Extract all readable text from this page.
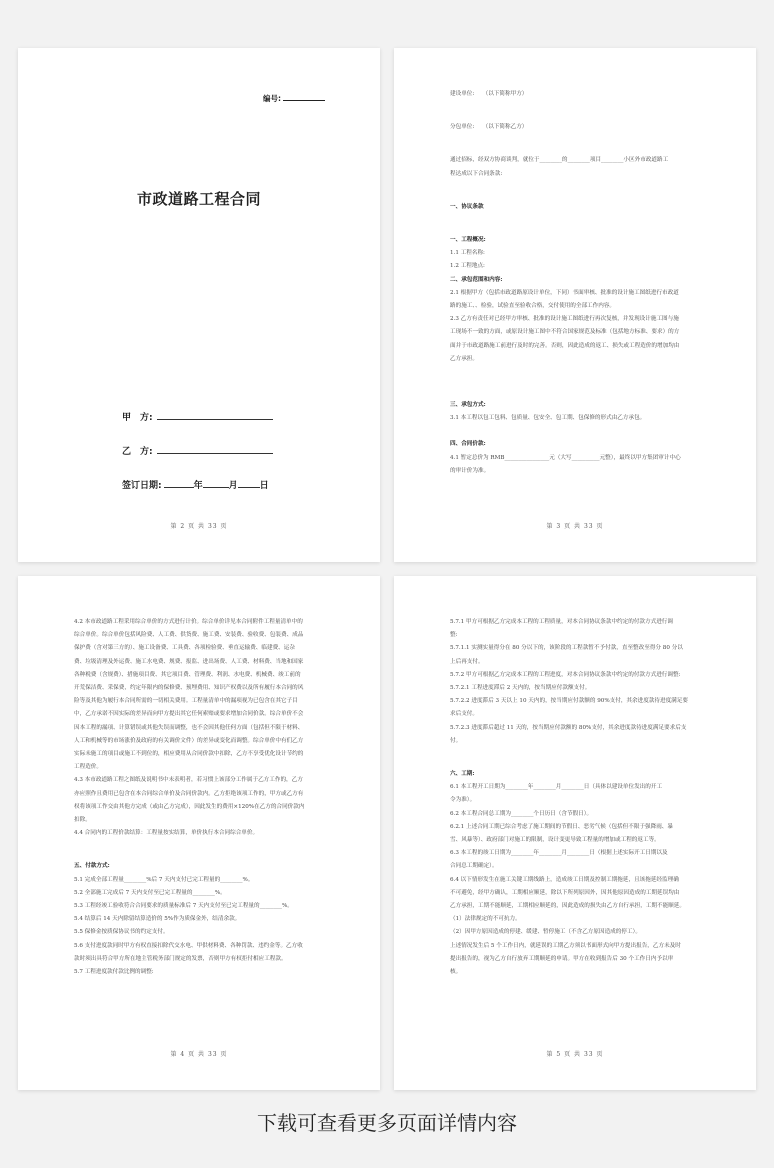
编号:
市政道路工程合同
甲　方:
乙　方:
签订日期:	年	月 日
第 2 页 共 33 页

建设单位:　　（以下简称甲方）

分包单位:　　（以下简称乙方）

通过招标，经双方协商谈判，就位于________的________项目________小区外市政道路工

程达成以下合同条款:

一、协议条款

一、工程概况:

1.1 工程名称:

1.2 工程地点:

二、承包范围和内容:

2.1 根据甲方（包括市政道路原设计单位，下同）书面审核、批准的设计施工图纸进行市政道

路的施工、、检验，试验直至验收合格，交付使用的全部工作内容。

2.3 乙方有责任对已经甲方审核、批准的设计施工图纸进行再次复核，并发现设计施工图与施

工现场不一致的方面，或原设计施工图中不符合国家规范及标准（包括地方标准、要求）的方

面并于市政道路施工前进行及时的完善。否则，因此造成的返工、损失或工程造价的增加均由

乙方承担。

三、承包方式:

3.1 本工程以包工包料、包质量、包安全、包工期、包保修的形式由乙方承包。

四、合同价款:

4.1 暂定总价为 RMB________________元（大写__________元整），最终以甲方集团审计中心

的审计价为准。

第 3 页 共 33 页

4.2 本市政道路工程采用综合单价的方式进行计价。综合单价详见本合同附件工程量清单中的

综合单价。综合单价包括风险费、人工费、供货费、施工费、安装费、验收费、包装费、成品

保护费（含对第三方的）、施工设备费、工具费、各项检验费、垂直运输费、临建费、运杂

费、垃圾清理及外运费、施工水电费、规费、报监、进出场费、人工费、材料费、当地和国家

各种税费（含规费）、措施项目费、其它项目费、管理费、利润、水电费、机械费、竣工前的

开荒保洁费、采保费，约定年限内的保修费、预埋费用、知识产权费以及所有履行本合同的风

险等及其他为履行本合同所需的一切相关费用。工程量清单中的漏项视为已包含在其它子目

中，乙方承诺不因实际的差异而向甲方提出其它任何索赔或要求增加合同价款。综合单价不会

因本工程的漏项、计算错误或其他失误而调整，也不会因其他任何方面（包括但不限于材料、

人工和机械等的市场涨价及政府的有关调价文件）的差异或变化而调整。综合单价中有们乙方

实际未施工的项目或施工不到位的，相应费用从合同价款中扣除，乙方不享受优化设计节约的

工程造价。

4.3 本市政道路工程之图纸及说明书中未表明者，若习惯上该部分工作属于乙方工作的，乙方

亦应照作且费用已包含在本合同综合单价及合同价款内。乙方拒绝该项工作的，甲方或乙方有

权将该项工作交由其他方完成（或由乙方完成），因此发生的费用×120%在乙方的合同价款内

扣除。

4.4 合同内的工程价款结算：工程量按实结算，单价执行本合同综合单价。

五、付款方式:

5.1 完成全部工程量________%后 7 天内支付已完工程量的________%。

5.2 全部施工完成后 7 天内支付至已完工程量的________%。

5.3 工程经竣工验收符合合同要求的质量标准后 7 天内支付至已完工程量的________%。

5.4 结算后 14 天内除留结算造价的 5%作为质保金外，结清余款。

5.5 保修金按质保协议书的约定支付。

5.6 支付进度款同时甲方有权直接扣除代交水电、甲供材料费、各种罚款、违约金等。乙方收

款时须出具符合甲方所在地主管税务部门规定的发票，否则甲方有权拒付相应工程款。

5.7 工程进度款付款比例的调整:

第 4 页 共 33 页

5.7.1 甲方可根据乙方完成本工程的工程质量，对本合同协议条款中约定的付款方式进行调

整:

5.7.1.1 实测实量得分在 80 分以下的，该阶段的工程款暂不予付款，直至整改至得分 80 分以

上后再支付。

5.7.2 甲方可根据乙方完成本工程的工程进度，对本合同协议条款中约定的付款方式进行调整:

5.7.2.1 工程进度滞后 2 天内的，按当期应付款额支付。

5.7.2.2 进度滞后 3 天以上 10 天内的，按当期应付款额的 90%支付，其余进度款待进度满足要

求后支付。

5.7.2.3 进度滞后超过 11 天的，按当期应付款额的 80%支付，其余进度款待进度满足要求后支

付。

六、工期:

6.1 本工程开工日期为________年________月________日（具体以建设单位发出的开工

令为准）。

6.2 本工程合同总工期为________个日历日（含节假日）。

6.2.1 上述合同工期已综合考虑了施工期间的节假日、恶劣气候（包括但不限于强降雨、暴

雪、风暴等）、政府部门对施工的限制，设计变更导致工程量的增加或工程的返工等。

6.3 本工程的竣工日期为________年________月________日（根据上述实际开工日期以及

合同总工期确定）。

6.4 以下情形发生在施工关键工期线路上，造成竣工日期及控制工期拖延，且该拖延经监理确

不可避免，经甲方确认，工期相应顺延，除以下所列原因外，因其他原因造成的工期延误均由

乙方承担，工期不能顺延，工期相应顺延的，因此造成的损失由乙方自行承担，工期不能顺延。

（1）法律规定的不可抗力。

（2）因甲方原因造成的停建、缓建、暂停施工（不含乙方原因造成的停工）。

上述情况发生后 5 个工作日内，就延误的工期乙方须以书面形式向甲方提出报告，乙方未及时

提出报告的，视为乙方自行放弃工期顺延的申请。甲方在收到报告后 30 个工作日内予以审

核。

第 5 页 共 33 页
下载可查看更多页面详情内容
